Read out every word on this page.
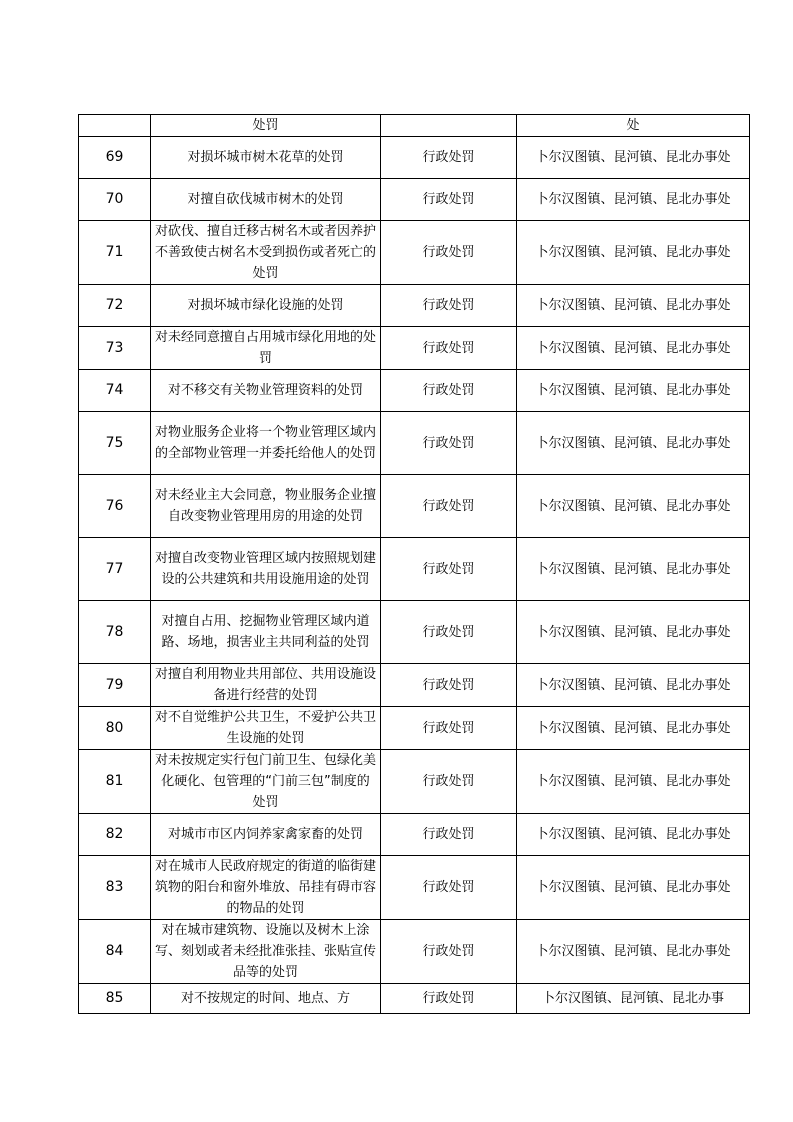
	处罚		处
69	对损坏城市树木花草的处罚	行政处罚	卜尔汉图镇、昆河镇、昆北办事处
70	对擅自砍伐城市树木的处罚	行政处罚	卜尔汉图镇、昆河镇、昆北办事处
71	对砍伐、擅自迁移古树名木或者因养护不善致使古树名木受到损伤或者死亡的处罚	行政处罚	卜尔汉图镇、昆河镇、昆北办事处
72	对损坏城市绿化设施的处罚	行政处罚	卜尔汉图镇、昆河镇、昆北办事处
73	对未经同意擅自占用城市绿化用地的处罚	行政处罚	卜尔汉图镇、昆河镇、昆北办事处
74	对不移交有关物业管理资料的处罚	行政处罚	卜尔汉图镇、昆河镇、昆北办事处
75	对物业服务企业将一个物业管理区域内的全部物业管理一并委托给他人的处罚	行政处罚	卜尔汉图镇、昆河镇、昆北办事处
76	对未经业主大会同意，物业服务企业擅自改变物业管理用房的用途的处罚	行政处罚	卜尔汉图镇、昆河镇、昆北办事处
77	对擅自改变物业管理区域内按照规划建设的公共建筑和共用设施用途的处罚	行政处罚	卜尔汉图镇、昆河镇、昆北办事处
78	对擅自占用、挖掘物业管理区域内道路、场地，损害业主共同利益的处罚	行政处罚	卜尔汉图镇、昆河镇、昆北办事处
79	对擅自利用物业共用部位、共用设施设备进行经营的处罚	行政处罚	卜尔汉图镇、昆河镇、昆北办事处
80	对不自觉维护公共卫生，不爱护公共卫生设施的处罚	行政处罚	卜尔汉图镇、昆河镇、昆北办事处
81	对未按规定实行包门前卫生、包绿化美化硬化、包管理的“门前三包”制度的处罚	行政处罚	卜尔汉图镇、昆河镇、昆北办事处
82	对城市市区内饲养家禽家畜的处罚	行政处罚	卜尔汉图镇、昆河镇、昆北办事处
83	对在城市人民政府规定的街道的临街建筑物的阳台和窗外堆放、吊挂有碍市容的物品的处罚	行政处罚	卜尔汉图镇、昆河镇、昆北办事处
84	对在城市建筑物、设施以及树木上涂写、刻划或者未经批准张挂、张贴宣传品等的处罚	行政处罚	卜尔汉图镇、昆河镇、昆北办事处
85	对不按规定的时间、地点、方	行政处罚	卜尔汉图镇、昆河镇、昆北办事
